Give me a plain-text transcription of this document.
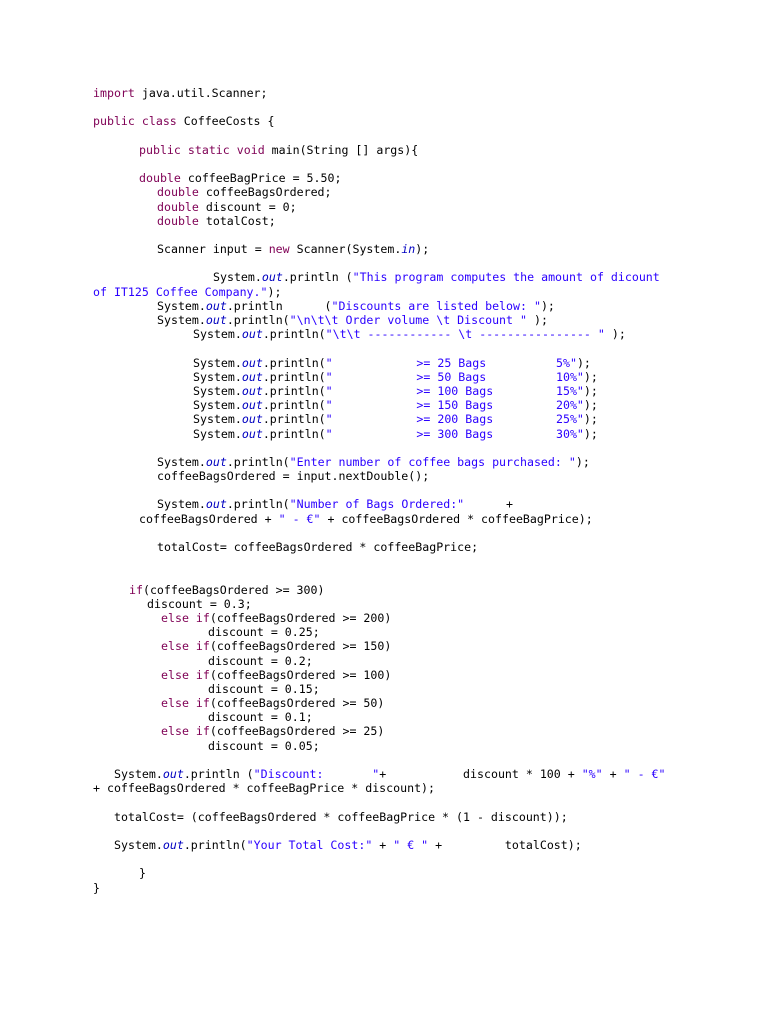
import java.util.Scanner;
public class CoffeeCosts {
public static void main(String [] args){
double coffeeBagPrice = 5.50;
double coffeeBagsOrdered;
double discount = 0;
double totalCost;
Scanner input = new Scanner(System.in);
System.out.println ("This program computes the amount of dicount
of IT125 Coffee Company.");
System.out.println      ("Discounts are listed below: ");
System.out.println("\n\t\t Order volume \t Discount " );
System.out.println("\t\t ------------ \t ---------------- " );
System.out.println("            >= 25 Bags          5%");
System.out.println("            >= 50 Bags          10%");
System.out.println("            >= 100 Bags         15%");
System.out.println("            >= 150 Bags         20%");
System.out.println("            >= 200 Bags         25%");
System.out.println("            >= 300 Bags         30%");
System.out.println("Enter number of coffee bags purchased: ");
coffeeBagsOrdered = input.nextDouble();
System.out.println("Number of Bags Ordered:"      +
coffeeBagsOrdered + " - €" + coffeeBagsOrdered * coffeeBagPrice);
totalCost= coffeeBagsOrdered * coffeeBagPrice;
if(coffeeBagsOrdered >= 300)
discount = 0.3;
else if(coffeeBagsOrdered >= 200)
discount = 0.25;
else if(coffeeBagsOrdered >= 150)
discount = 0.2;
else if(coffeeBagsOrdered >= 100)
discount = 0.15;
else if(coffeeBagsOrdered >= 50)
discount = 0.1;
else if(coffeeBagsOrdered >= 25)
discount = 0.05;
System.out.println ("Discount:       "+           discount * 100 + "%" + " - €"
+ coffeeBagsOrdered * coffeeBagPrice * discount);
totalCost= (coffeeBagsOrdered * coffeeBagPrice * (1 - discount));
System.out.println("Your Total Cost:" + " € " +         totalCost);
}
}
